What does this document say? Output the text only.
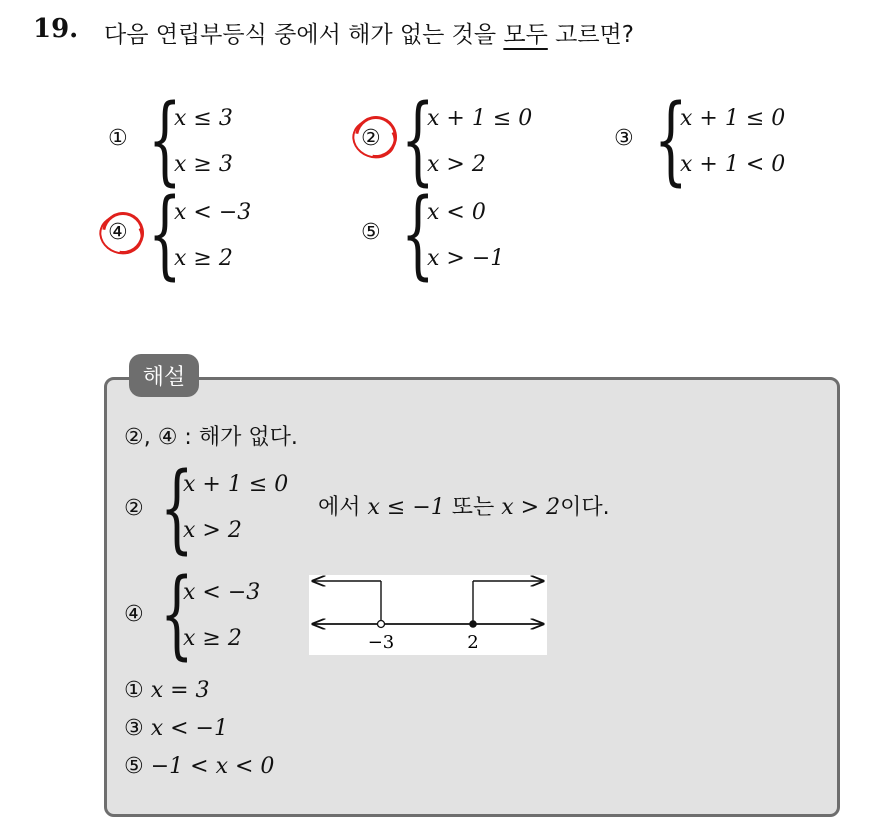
19. 다음 연립부등식 중에서 해가 없는 것을 모두 고르면?
① {
x ≤ 3
x ≥ 3
② {
x + 1 ≤ 0
x > 2
③ {
x + 1 ≤ 0
x + 1 < 0
④ {
x < −3
x ≥ 2
⑤ {
x < 0
x > −1
해설
②, ④ : 해가 없다.
② {
x + 1 ≤ 0
x > 2
에서 x ≤ −1 또는 x > 2이다.
④ {
x < −3
x ≥ 2	−3	2
① x = 3
③ x < −1
⑤ −1 < x < 0
